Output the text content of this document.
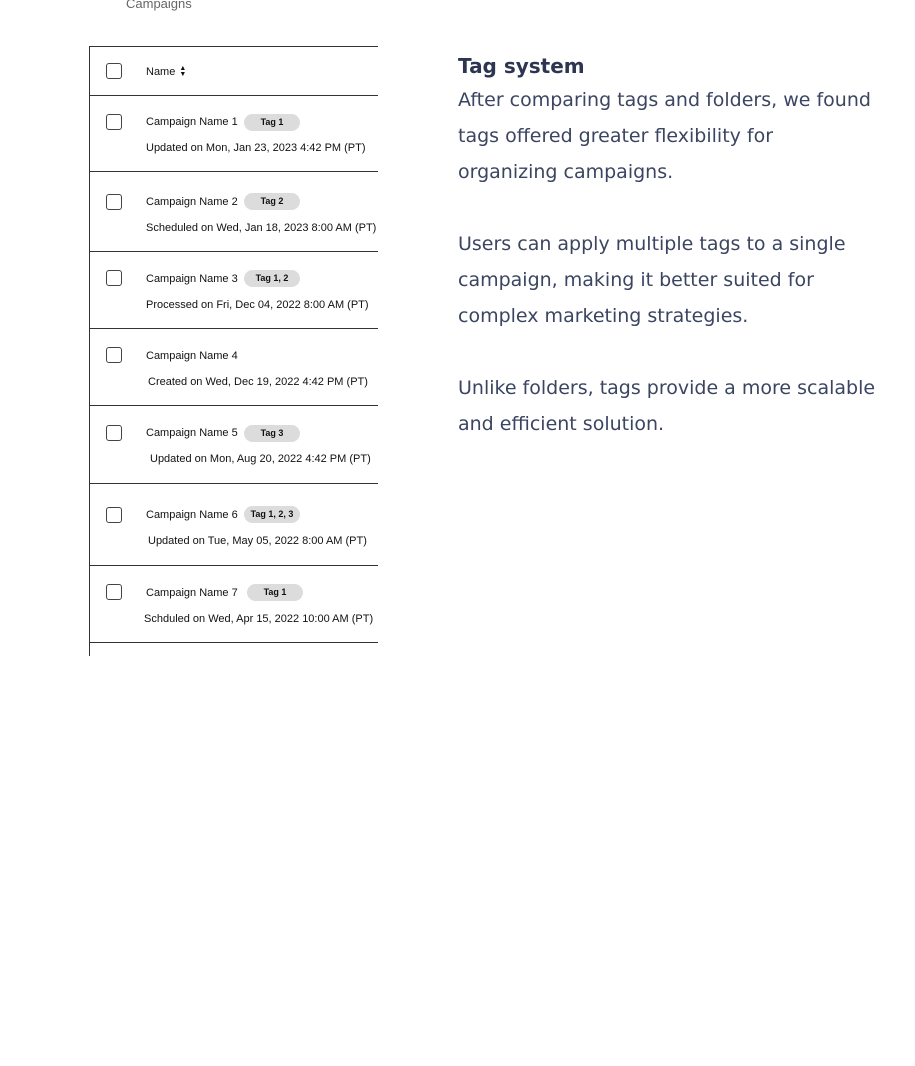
Campaigns
Name ▲
▼
Campaign Name 1	Tag 1
Updated on Mon, Jan 23, 2023 4:42 PM (PT)
Campaign Name 2	Tag 2
Scheduled on Wed, Jan 18, 2023 8:00 AM (PT)
Campaign Name 3	Tag 1, 2
Processed on Fri, Dec 04, 2022 8:00 AM (PT)
Campaign Name 4
Created on Wed, Dec 19, 2022 4:42 PM (PT)
Campaign Name 5	Tag 3
Updated on Mon, Aug 20, 2022 4:42 PM (PT)
Campaign Name 6	Tag 1, 2, 3
Updated on Tue, May 05, 2022 8:00 AM (PT)
Campaign Name 7	Tag 1
Schduled on Wed, Apr 15, 2022 10:00 AM (PT)
Tag system

After comparing tags and folders, we found tags offered greater flexibility for organizing campaigns.

Users can apply multiple tags to a single campaign, making it better suited for complex marketing strategies.

Unlike folders, tags provide a more scalable and efficient solution.
